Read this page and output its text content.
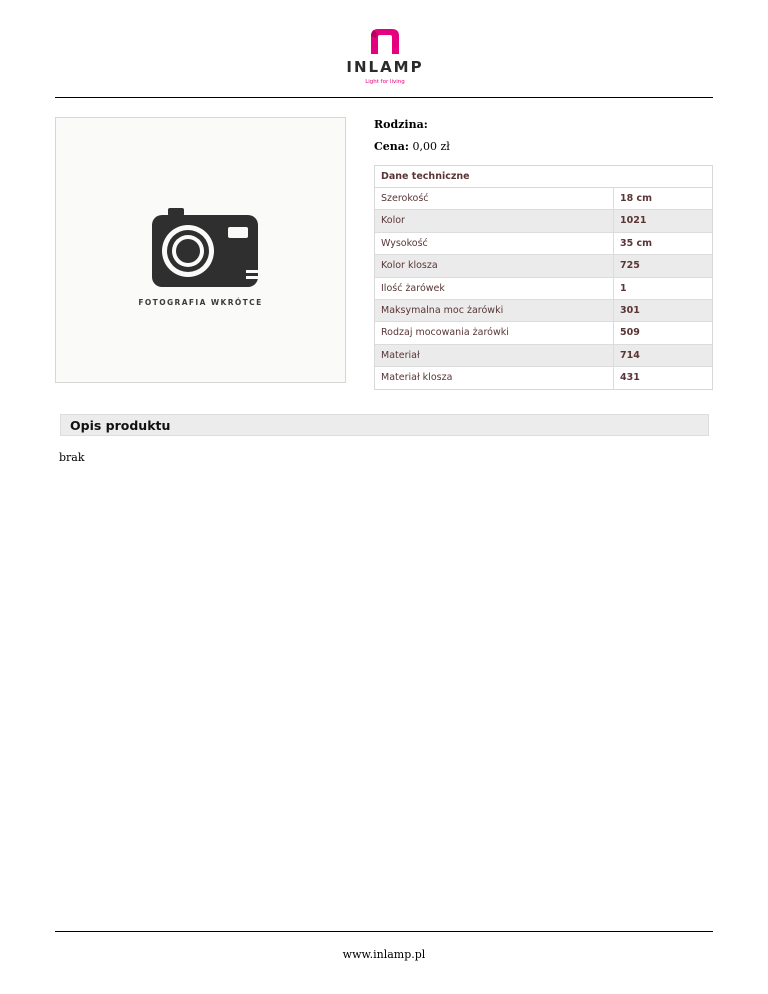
INLAMP
Light for living
FOTOGRAFIA WKRÓTCE
Rodzina:
Cena: 0,00 zł
Dane techniczne
Szerokość	18 cm
Kolor	1021
Wysokość	35 cm
Kolor klosza	725
Ilość żarówek	1
Maksymalna moc żarówki	301
Rodzaj mocowania żarówki	509
Materiał	714
Materiał klosza	431
Opis produktu
brak
www.inlamp.pl
